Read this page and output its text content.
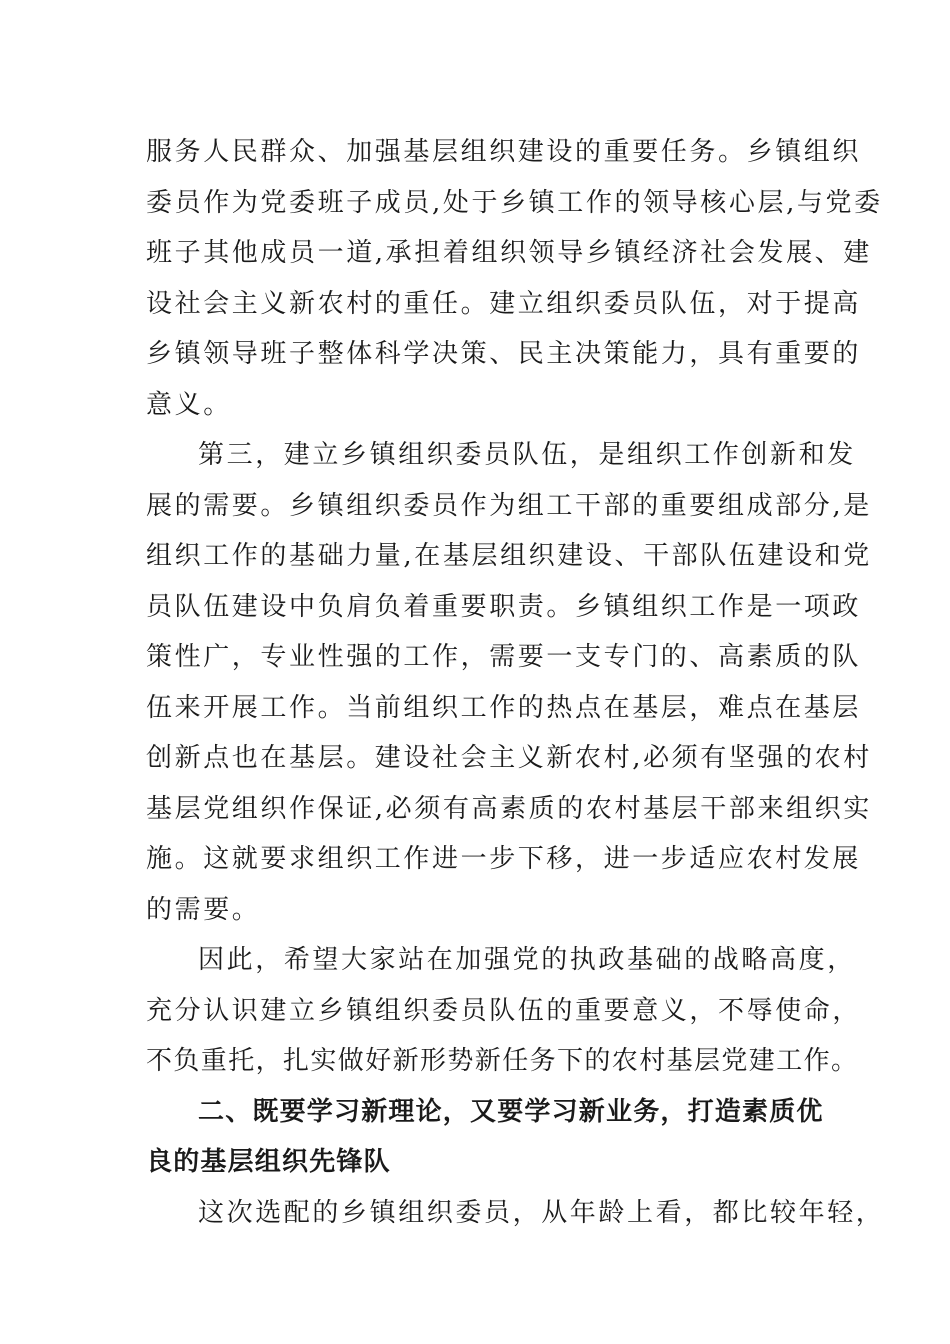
服务人民群众、加强基层组织建设的重要任务。乡镇组织
委员作为党委班子成员,处于乡镇工作的领导核心层,与党委
班子其他成员一道,承担着组织领导乡镇经济社会发展、建
设社会主义新农村的重任。建立组织委员队伍，对于提高
乡镇领导班子整体科学决策、民主决策能力，具有重要的
意义。
第三，建立乡镇组织委员队伍，是组织工作创新和发
展的需要。乡镇组织委员作为组工干部的重要组成部分,是
组织工作的基础力量,在基层组织建设、干部队伍建设和党
员队伍建设中负肩负着重要职责。乡镇组织工作是一项政
策性广，专业性强的工作，需要一支专门的、高素质的队
伍来开展工作。当前组织工作的热点在基层，难点在基层
创新点也在基层。建设社会主义新农村,必须有坚强的农村
基层党组织作保证,必须有高素质的农村基层干部来组织实
施。这就要求组织工作进一步下移，进一步适应农村发展
的需要。
因此，希望大家站在加强党的执政基础的战略高度，
充分认识建立乡镇组织委员队伍的重要意义，不辱使命，
不负重托，扎实做好新形势新任务下的农村基层党建工作。
二、既要学习新理论，又要学习新业务，打造素质优
良的基层组织先锋队
这次选配的乡镇组织委员，从年龄上看，都比较年轻，
